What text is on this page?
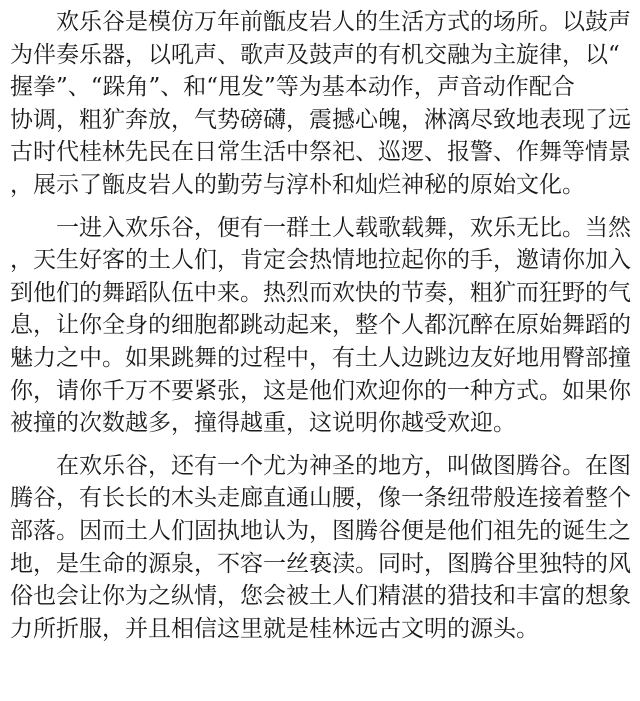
欢乐谷是模仿万年前甑皮岩人的生活方式的场所。以鼓声
为伴奏乐器，以吼声、歌声及鼓声的有机交融为主旋律，以“
握拳”、“跺角”、和“甩发”等为基本动作，声音动作配合
协调，粗犷奔放，气势磅礴，震撼心魄，淋漓尽致地表现了远
古时代桂林先民在日常生活中祭祀、巡逻、报警、作舞等情景
，展示了甑皮岩人的勤劳与淳朴和灿烂神秘的原始文化。
一进入欢乐谷，便有一群土人载歌载舞，欢乐无比。当然
，天生好客的土人们，肯定会热情地拉起你的手，邀请你加入
到他们的舞蹈队伍中来。热烈而欢快的节奏，粗犷而狂野的气
息，让你全身的细胞都跳动起来，整个人都沉醉在原始舞蹈的
魅力之中。如果跳舞的过程中，有土人边跳边友好地用臀部撞
你，请你千万不要紧张，这是他们欢迎你的一种方式。如果你
被撞的次数越多，撞得越重，这说明你越受欢迎。
在欢乐谷，还有一个尤为神圣的地方，叫做图腾谷。在图
腾谷，有长长的木头走廊直通山腰，像一条纽带般连接着整个
部落。因而土人们固执地认为，图腾谷便是他们祖先的诞生之
地，是生命的源泉，不容一丝亵渎。同时，图腾谷里独特的风
俗也会让你为之纵情，您会被土人们精湛的猎技和丰富的想象
力所折服，并且相信这里就是桂林远古文明的源头。
